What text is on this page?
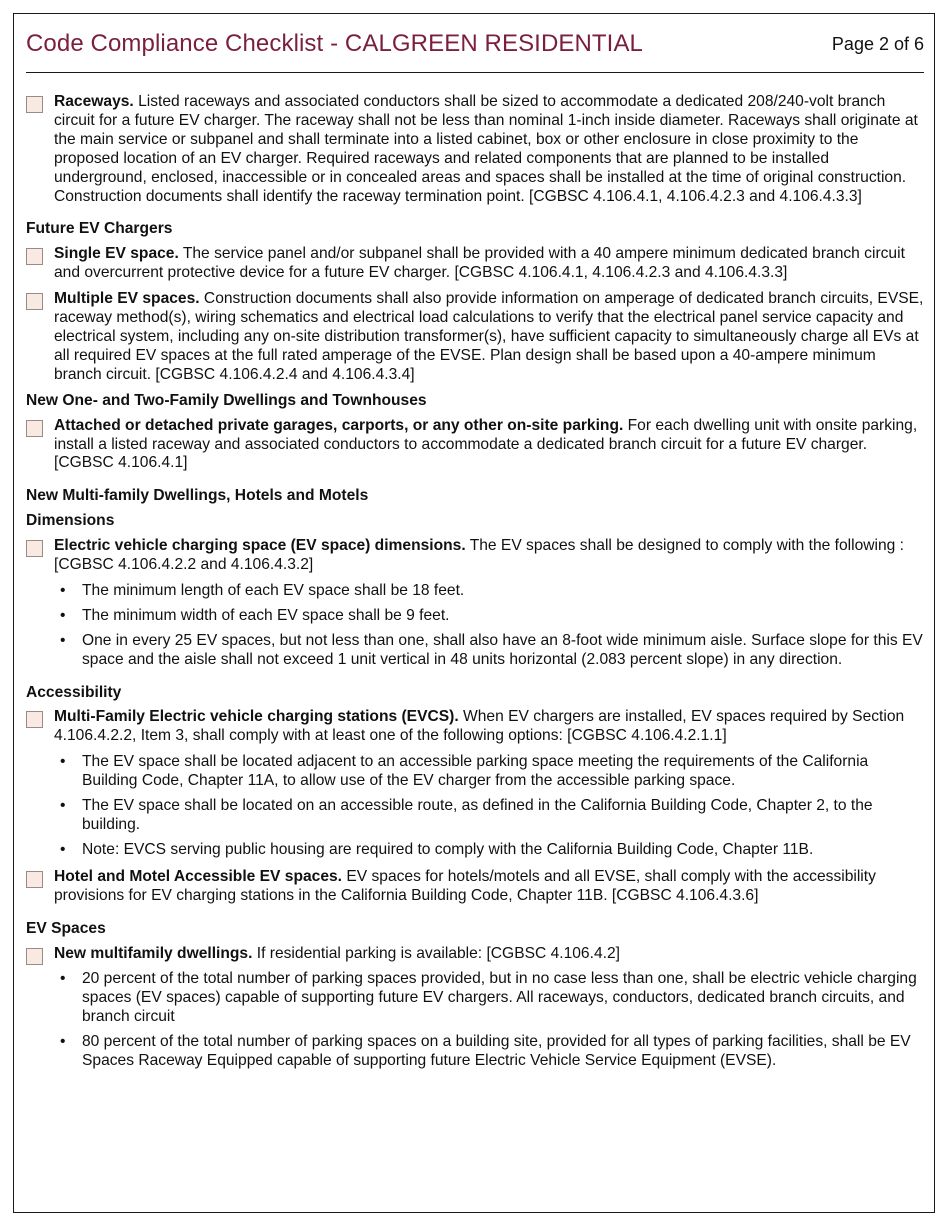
Code Compliance Checklist - CALGREEN RESIDENTIAL	Page 2 of 6
Raceways. Listed raceways and associated conductors shall be sized to accommodate a dedicated 208/240-volt branch circuit for a future EV charger. The raceway shall not be less than nominal 1-inch inside diameter. Raceways shall originate at the main service or subpanel and shall terminate into a listed cabinet, box or other enclosure in close proximity to the proposed location of an EV charger. Required raceways and related components that are planned to be installed underground, enclosed, inaccessible or in concealed areas and spaces shall be installed at the time of original construction. Construction documents shall identify the raceway termination point. [CGBSC 4.106.4.1, 4.106.4.2.3 and 4.106.4.3.3]
Future EV Chargers
Single EV space. The service panel and/or subpanel shall be provided with a 40 ampere minimum dedicated branch circuit and overcurrent protective device for a future EV charger. [CGBSC 4.106.4.1, 4.106.4.2.3 and 4.106.4.3.3]
Multiple EV spaces. Construction documents shall also provide information on amperage of dedicated branch circuits, EVSE, raceway method(s), wiring schematics and electrical load calculations to verify that the electrical panel service capacity and electrical system, including any on-site distribution transformer(s), have sufficient capacity to simultaneously charge all EVs at all required EV spaces at the full rated amperage of the EVSE. Plan design shall be based upon a 40-ampere minimum branch circuit. [CGBSC 4.106.4.2.4 and 4.106.4.3.4]
New One- and Two-Family Dwellings and Townhouses
Attached or detached private garages, carports, or any other on-site parking. For each dwelling unit with onsite parking, install a listed raceway and associated conductors to accommodate a dedicated branch circuit for a future EV charger. [CGBSC 4.106.4.1]
New Multi-family Dwellings, Hotels and Motels
Dimensions
Electric vehicle charging space (EV space) dimensions. The EV spaces shall be designed to comply with the following : [CGBSC 4.106.4.2.2 and 4.106.4.3.2]
• The minimum length of each EV space shall be 18 feet.
• The minimum width of each EV space shall be 9 feet.
• One in every 25 EV spaces, but not less than one, shall also have an 8-foot wide minimum aisle. Surface slope for this EV space and the aisle shall not exceed 1 unit vertical in 48 units horizontal (2.083 percent slope) in any direction.
Accessibility
Multi-Family Electric vehicle charging stations (EVCS). When EV chargers are installed, EV spaces required by Section 4.106.4.2.2, Item 3, shall comply with at least one of the following options: [CGBSC 4.106.4.2.1.1]
• The EV space shall be located adjacent to an accessible parking space meeting the requirements of the California Building Code, Chapter 11A, to allow use of the EV charger from the accessible parking space.
• The EV space shall be located on an accessible route, as defined in the California Building Code, Chapter 2, to the building.
• Note: EVCS serving public housing are required to comply with the California Building Code, Chapter 11B.
Hotel and Motel Accessible EV spaces. EV spaces for hotels/motels and all EVSE, shall comply with the accessibility provisions for EV charging stations in the California Building Code, Chapter 11B. [CGBSC 4.106.4.3.6]
EV Spaces
New multifamily dwellings. If residential parking is available: [CGBSC 4.106.4.2]
• 20 percent of the total number of parking spaces provided, but in no case less than one, shall be electric vehicle charging spaces (EV spaces) capable of supporting future EV chargers. All raceways, conductors, dedicated branch circuits, and branch circuit
• 80 percent of the total number of parking spaces on a building site, provided for all types of parking facilities, shall be EV Spaces Raceway Equipped capable of supporting future Electric Vehicle Service Equipment (EVSE).
